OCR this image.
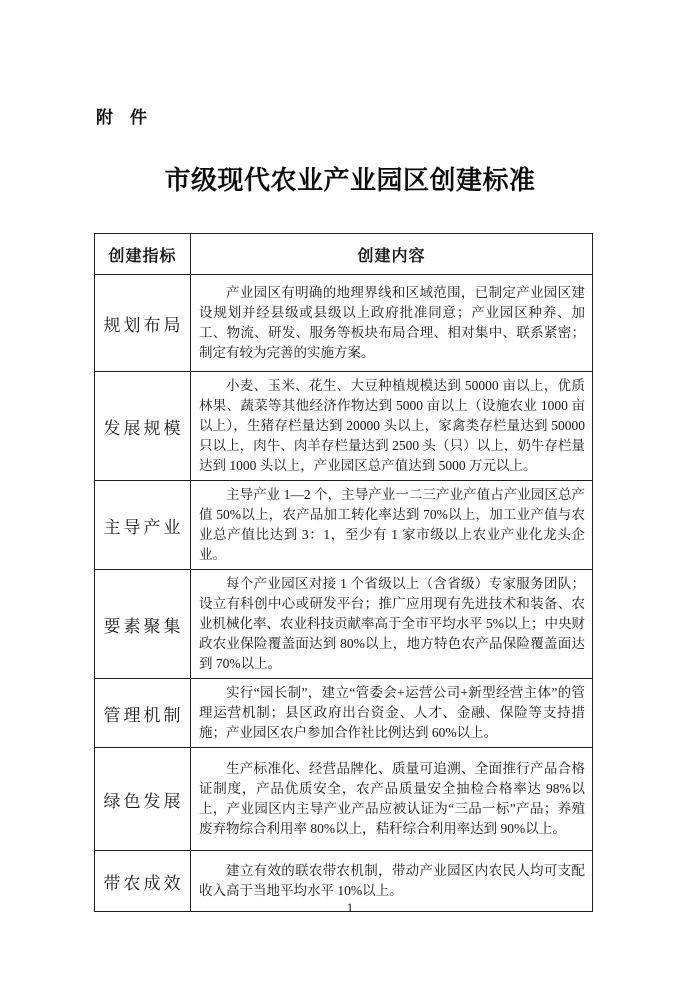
附　件
市级现代农业产业园区创建标准
创建指标	创建内容
规划布局	产业园区有明确的地理界线和区域范围，已制定产业园区建设规划并经县级或县级以上政府批准同意；产业园区种养、加工、物流、研发、服务等板块布局合理、相对集中、联系紧密；制定有较为完善的实施方案。
发展规模	小麦、玉米、花生、大豆种植规模达到 50000 亩以上，优质林果、蔬菜等其他经济作物达到 5000 亩以上（设施农业 1000 亩以上），生猪存栏量达到 20000 头以上，家禽类存栏量达到 50000 只以上，肉牛、肉羊存栏量达到 2500 头（只）以上，奶牛存栏量达到 1000 头以上，产业园区总产值达到 5000 万元以上。
主导产业	主导产业 1—2 个，主导产业一二三产业产值占产业园区总产值 50%以上，农产品加工转化率达到 70%以上，加工业产值与农业总产值比达到 3：1，至少有 1 家市级以上农业产业化龙头企业。
要素聚集	每个产业园区对接 1 个省级以上（含省级）专家服务团队；设立有科创中心或研发平台；推广应用现有先进技术和装备、农业机械化率、农业科技贡献率高于全市平均水平 5%以上；中央财政农业保险覆盖面达到 80%以上，地方特色农产品保险覆盖面达到 70%以上。
管理机制	实行“园长制”，建立“管委会+运营公司+新型经营主体”的管理运营机制；县区政府出台资金、人才、金融、保险等支持措施；产业园区农户参加合作社比例达到 60%以上。
绿色发展	生产标准化、经营品牌化、质量可追溯、全面推行产品合格证制度，产品优质安全，农产品质量安全抽检合格率达 98%以上，产业园区内主导产业产品应被认证为“三品一标”产品；养殖废弃物综合利用率 80%以上，秸秆综合利用率达到 90%以上。
带农成效	建立有效的联农带农机制，带动产业园区内农民人均可支配收入高于当地平均水平 10%以上。
1
